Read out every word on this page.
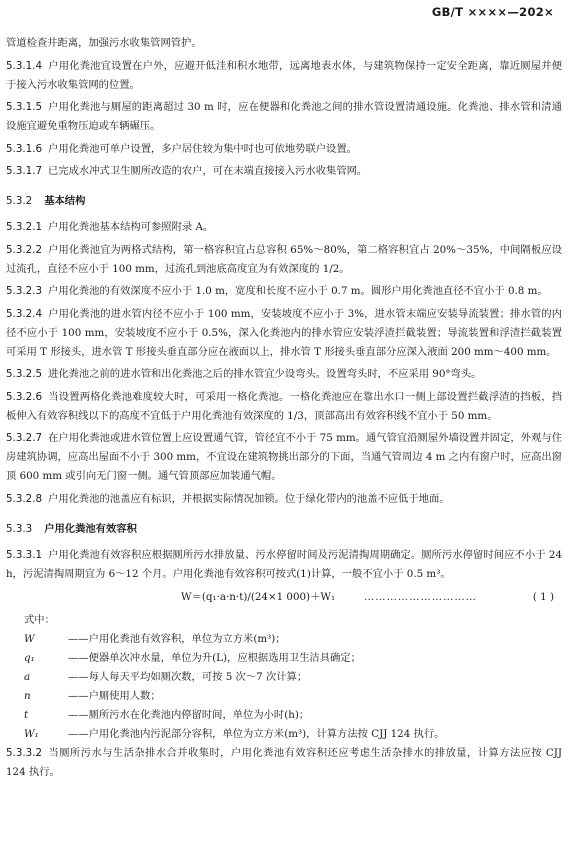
GB/T ××××—202×
管道检查井距离，加强污水收集管网管护。
5.3.1.4 户用化粪池宜设置在户外，应避开低洼和积水地带，远离地表水体，与建筑物保持一定安全距离，靠近厕屋并便于接入污水收集管网的位置。
5.3.1.5 户用化粪池与厕屋的距离超过 30 m 时，应在便器和化粪池之间的排水管设置清通设施。化粪池、排水管和清通设施宜避免重物压迫或车辆碾压。
5.3.1.6 户用化粪池可单户设置，多户居住较为集中时也可依地势联户设置。
5.3.1.7 已完成水冲式卫生厕所改造的农户，可在末端直接接入污水收集管网。
5.3.2 基本结构
5.3.2.1 户用化粪池基本结构可参照附录 A。
5.3.2.2 户用化粪池宜为两格式结构，第一格容积宜占总容积 65%～80%，第二格容积宜占 20%～35%，中间隔板应设过流孔，直径不应小于 100 mm，过流孔到池底高度宜为有效深度的 1/2。
5.3.2.3 户用化粪池的有效深度不应小于 1.0 m，宽度和长度不应小于 0.7 m。圆形户用化粪池直径不宜小于 0.8 m。
5.3.2.4 户用化粪池的进水管内径不应小于 100 mm，安装坡度不应小于 3%，进水管末端应安装导流装置；排水管的内径不应小于 100 mm，安装坡度不应小于 0.5%，深入化粪池内的排水管应安装浮渣拦截装置；导流装置和浮渣拦截装置可采用 T 形接头，进水管 T 形接头垂直部分应在液面以上，排水管 T 形接头垂直部分应深入液面 200 mm～400 mm。
5.3.2.5 进化粪池之前的进水管和出化粪池之后的排水管宜少设弯头。设置弯头时，不应采用 90°弯头。
5.3.2.6 当设置两格化粪池难度较大时，可采用一格化粪池。一格化粪池应在靠出水口一侧上部设置拦截浮渣的挡板，挡板伸入有效容积线以下的高度不宜低于户用化粪池有效深度的 1/3，顶部高出有效容积线不宜小于 50 mm。
5.3.2.7 在户用化粪池或进水管位置上应设置通气管，管径宜不小于 75 mm。通气管宜沿厕屋外墙设置并固定，外观与住房建筑协调，应高出屋面不小于 300 mm，不宜设在建筑物挑出部分的下面，当通气管周边 4 m 之内有窗户时，应高出窗顶 600 mm 或引向无门窗一侧。通气管顶部应加装通气帽。
5.3.2.8 户用化粪池的池盖应有标识，并根据实际情况加锁。位于绿化带内的池盖不应低于地面。
5.3.3 户用化粪池有效容积
5.3.3.1 户用化粪池有效容积应根据厕所污水排放量、污水停留时间及污泥清掏周期确定。厕所污水停留时间应不小于 24 h，污泥清掏周期宜为 6～12 个月。户用化粪池有效容积可按式(1)计算，一般不宜小于 0.5 m³。
W＝(q₁·a·n·t)/(24×1 000)＋W₁	…………………………	( 1 )
式中：
W	——户用化粪池有效容积，单位为立方米(m³)；
q₁	——便器单次冲水量，单位为升(L)，应根据选用卫生洁具确定；
a	——每人每天平均如厕次数，可按 5 次～7 次计算；
n	——户厕使用人数；
t	——厕所污水在化粪池内停留时间，单位为小时(h)；
W₁	——户用化粪池内污泥部分容积，单位为立方米(m³)，计算方法按 CJJ 124 执行。
5.3.3.2 当厕所污水与生活杂排水合并收集时，户用化粪池有效容积还应考虑生活杂排水的排放量，计算方法应按 CJJ 124 执行。
